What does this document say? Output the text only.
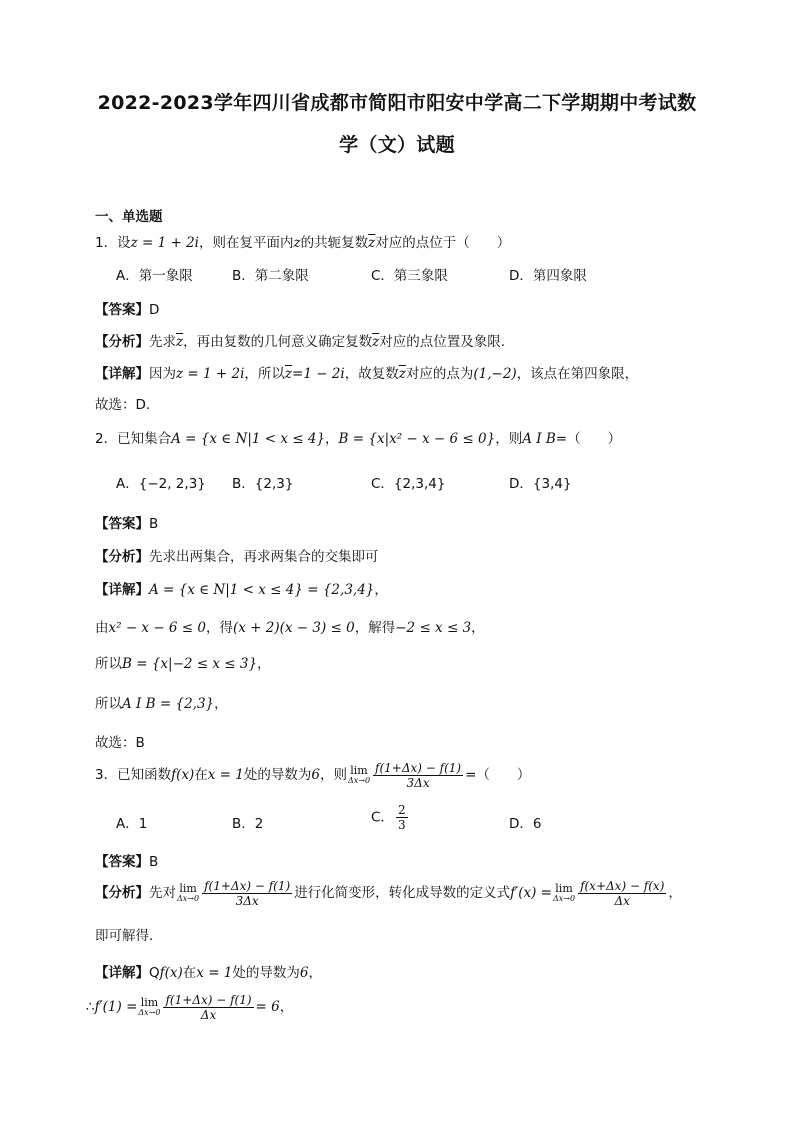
2022-2023学年四川省成都市简阳市阳安中学高二下学期期中考试数
学（文）试题
一、单选题
1．设z = 1 + 2i，则在复平面内z的共轭复数$\overline{z}$对应的点位于（　　）
A．第一象限	B．第二象限	C．第三象限	D．第四象限
【答案】D
【分析】先求$\overline{z}$，再由复数的几何意义确定复数$\overline{z}$对应的点位置及象限.
【详解】因为z = 1 + 2i，所以$\overline{z}=1 - 2i$，故复数$\overline{z}$对应的点为(1,−2)，该点在第四象限，
故选：D.
2．已知集合A = {x ∈ N|1 < x ≤ 4}，B = {x|x² − x − 6 ≤ 0}，则A I B=（　　）
A．{−2, 2,3} B．{2,3}	C．{2,3,4}	D．{3,4}
【答案】B
【分析】先求出两集合，再求两集合的交集即可
【详解】A = {x ∈ N|1 < x ≤ 4} = {2,3,4}，
由x² − x − 6 ≤ 0，得(x + 2)(x − 3) ≤ 0，解得−2 ≤ x ≤ 3，
所以B = {x|−2 ≤ x ≤ 3}，
所以A I B = {2,3}，
故选：B
3．已知函数f(x)在x = 1处的导数为6，则 lim
$\Delta x\to 0 \frac{f(1+\Delta x) - f(1)}{3\Delta x}$ =（　　）
A．1	B．2	C． $\frac{2}{3}$	D．6
【答案】B
【分析】先对 lim
$\Delta x\to 0 \frac{f(1+\Delta x) - f(1)}{3\Delta x}$ 进行化简变形，转化成导数的定义式f′(x) = lim
$\Delta x\to 0 \frac{f(x+\Delta x) - f(x)}{\Delta x}$ ，
即可解得.
【详解】Qf(x)在x = 1处的导数为6，
∴f′(1) = lim
$\Delta x\to 0 \frac{f(1+\Delta x) - f(1)}{\Delta x} = 6$，
